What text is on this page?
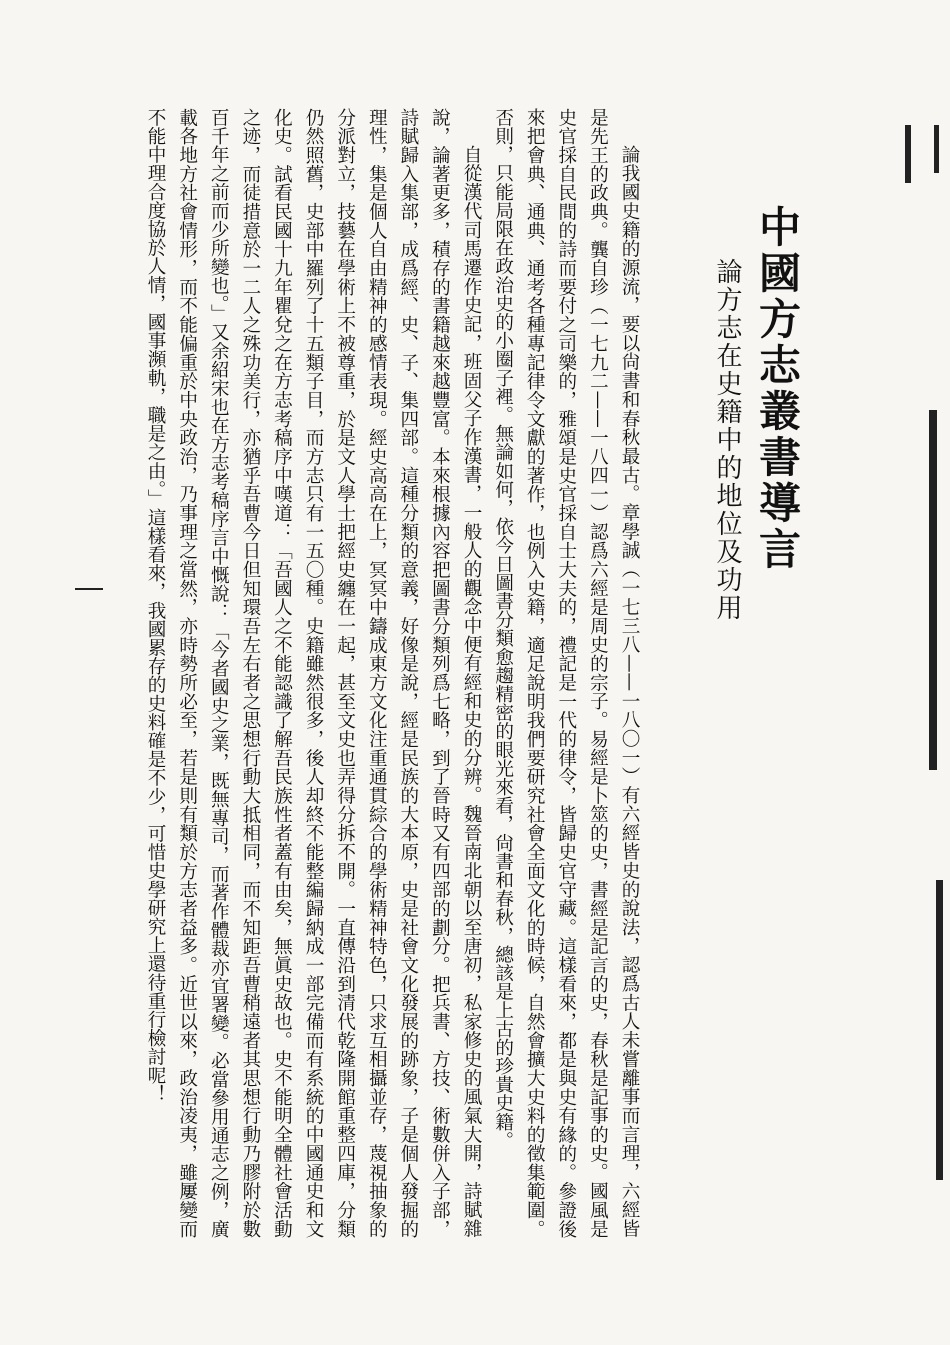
中國方志叢書導言
論方志在史籍中的地位及功用

論我國史籍的源流，要以尙書和春秋最古。章學誠（一七三八——一八〇一）有六經皆史的說法，認爲古人未嘗離事而言理，六經皆是先王的政典。龔自珍（一七九二——一八四一）認爲六經是周史的宗子。易經是卜筮的史，書經是記言的史，春秋是記事的史。國風是史官採自民間的詩而要付之司樂的，雅頌是史官採自士大夫的，禮記是一代的律令，皆歸史官守藏。這樣看來，都是與史有緣的。參證後來把會典、通典、通考各種專記律令文獻的著作，也例入史籍，適足說明我們要研究社會全面文化的時候，自然會擴大史料的徵集範圍。否則，只能局限在政治史的小圈子裡。無論如何，依今日圖書分類愈趨精密的眼光來看，尙書和春秋，總該是上古的珍貴史籍。

自從漢代司馬遷作史記，班固父子作漢書，一般人的觀念中便有經和史的分辨。魏晉南北朝以至唐初，私家修史的風氣大開，詩賦雜說，論著更多，積存的書籍越來越豐富。本來根據內容把圖書分類列爲七略，到了晉時又有四部的劃分。把兵書、方技、術數併入子部，詩賦歸入集部，成爲經、史、子、集四部。這種分類的意義，好像是說，經是民族的大本原，史是社會文化發展的跡象，子是個人發掘的理性，集是個人自由精神的感情表現。經史高高在上，冥冥中鑄成東方文化注重通貫綜合的學術精神特色，只求互相攝並存，蔑視抽象的分派對立，技藝在學術上不被尊重，於是文人學士把經史纏在一起，甚至文史也弄得分拆不開。一直傳沿到清代乾隆開館重整四庫，分類仍然照舊，史部中羅列了十五類子目，而方志只有一五〇種。史籍雖然很多，後人却終不能整編歸納成一部完備而有系統的中國通史和文化史。試看民國十九年瞿兌之在方志考稿序中嘆道：「吾國人之不能認識了解吾民族性者蓋有由矣，無眞史故也。史不能明全體社會活動之迹，而徒措意於一二人之殊功美行，亦猶乎吾曹今日但知環吾左右者之思想行動大抵相同，而不知距吾曹稍遠者其思想行動乃膠附於數百千年之前而少所變也。」又余紹宋也在方志考稿序言中慨說：「今者國史之業，既無專司，而著作體裁亦宜署變。必當參用通志之例，廣載各地方社會情形，而不能偏重於中央政治，乃事理之當然，亦時勢所必至，若是則有類於方志者益多。近世以來，政治凌夷，雖屢變而不能中理合度協於人情，國事瀕軌，職是之由。」這樣看來，我國累存的史料確是不少，可惜史學研究上還待重行檢討呢！
